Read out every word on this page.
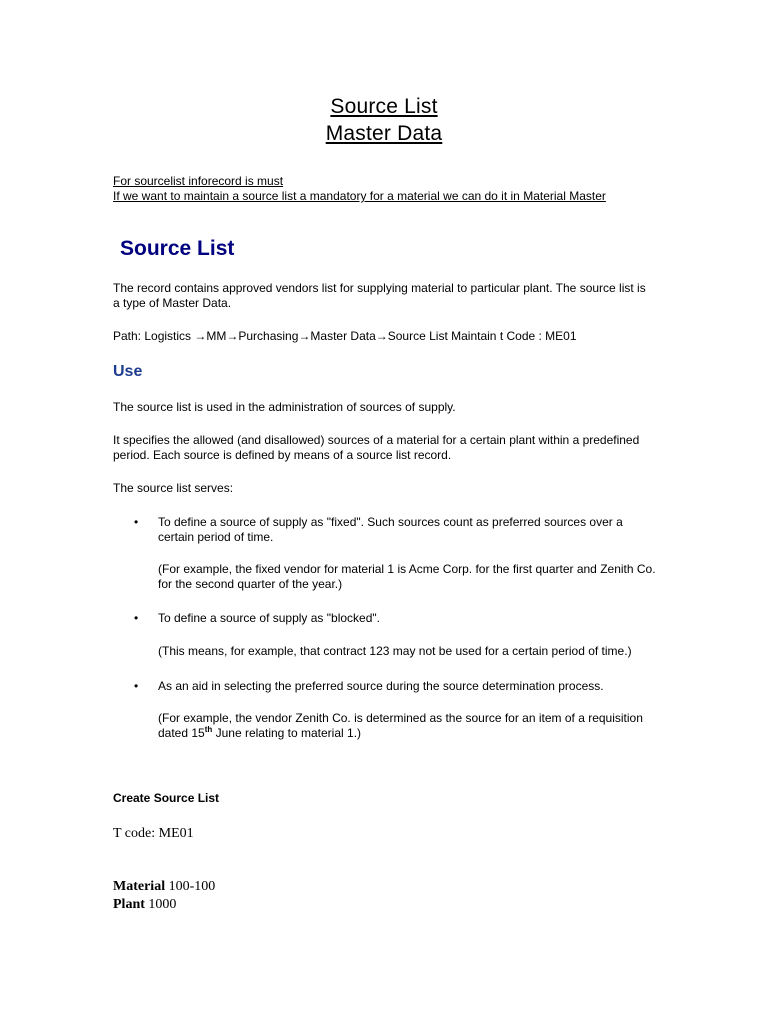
Source List
Master Data

For sourcelist inforecord is must

If we want to maintain a source list a mandatory for a material we can do it in Material Master

Source List

The record contains approved vendors list for supplying material to particular plant. The source list is a type of Master Data.

Path: Logistics →MM→Purchasing→Master Data→Source List Maintain t Code : ME01

Use

The source list is used in the administration of sources of supply.

It specifies the allowed (and disallowed) sources of a material for a certain plant within a predefined period. Each source is defined by means of a source list record.

The source list serves:

• To define a source of supply as "fixed". Such sources count as preferred sources over a certain period of time.

(For example, the fixed vendor for material 1 is Acme Corp. for the first quarter and Zenith Co. for the second quarter of the year.)

• To define a source of supply as "blocked".

(This means, for example, that contract 123 may not be used for a certain period of time.)

• As an aid in selecting the preferred source during the source determination process.

(For example, the vendor Zenith Co. is determined as the source for an item of a requisition dated 15th June relating to material 1.)

Create Source List

T code: ME01

Material 100-100

Plant 1000
